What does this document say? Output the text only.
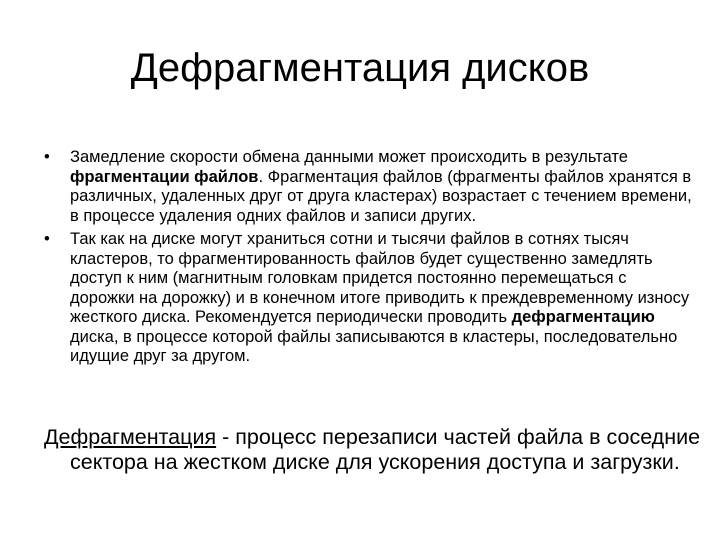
Дефрагментация дисков
•	Замедление скорости обмена данными может происходить в результате фрагментации файлов. Фрагментация файлов (фрагменты файлов хранятся в различных, удаленных друг от друга кластерах) возрастает с течением времени, в процессе удаления одних файлов и записи других.
•	Так как на диске могут храниться сотни и тысячи файлов в сотнях тысяч кластеров, то фрагментированность файлов будет существенно замедлять доступ к ним (магнитным головкам придется постоянно перемещаться с дорожки на дорожку) и в конечном итоге приводить к преждевременному износу жесткого диска. Рекомендуется периодически проводить дефрагментацию диска, в процессе которой файлы записываются в кластеры, последовательно идущие друг за другом.

Дефрагментация - процесс перезаписи частей файла в соседние сектора на жестком диске для ускорения доступа и загрузки.
